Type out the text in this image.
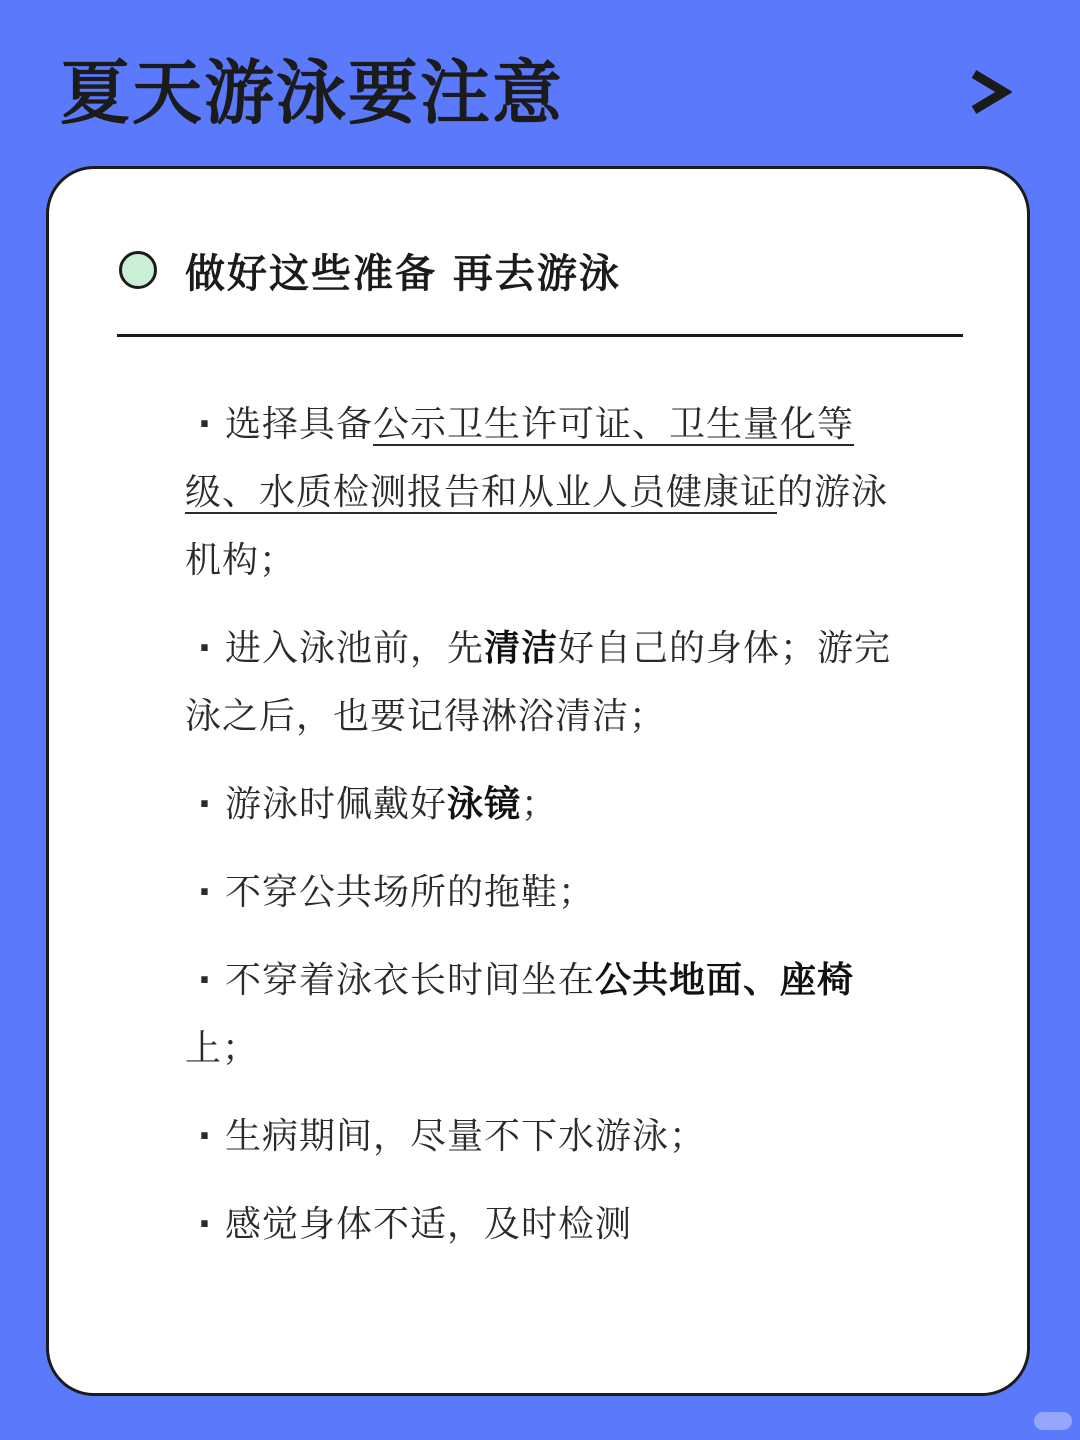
夏天游泳要注意
做好这些准备 再去游泳
· 选择具备公示卫生许可证、卫生量化等级、水质检测报告和从业人员健康证的游泳机构；
· 进入泳池前，先清洁好自己的身体；游完泳之后，也要记得淋浴清洁；
· 游泳时佩戴好泳镜；
· 不穿公共场所的拖鞋；
· 不穿着泳衣长时间坐在公共地面、座椅上；
· 生病期间，尽量不下水游泳；
· 感觉身体不适，及时检测
